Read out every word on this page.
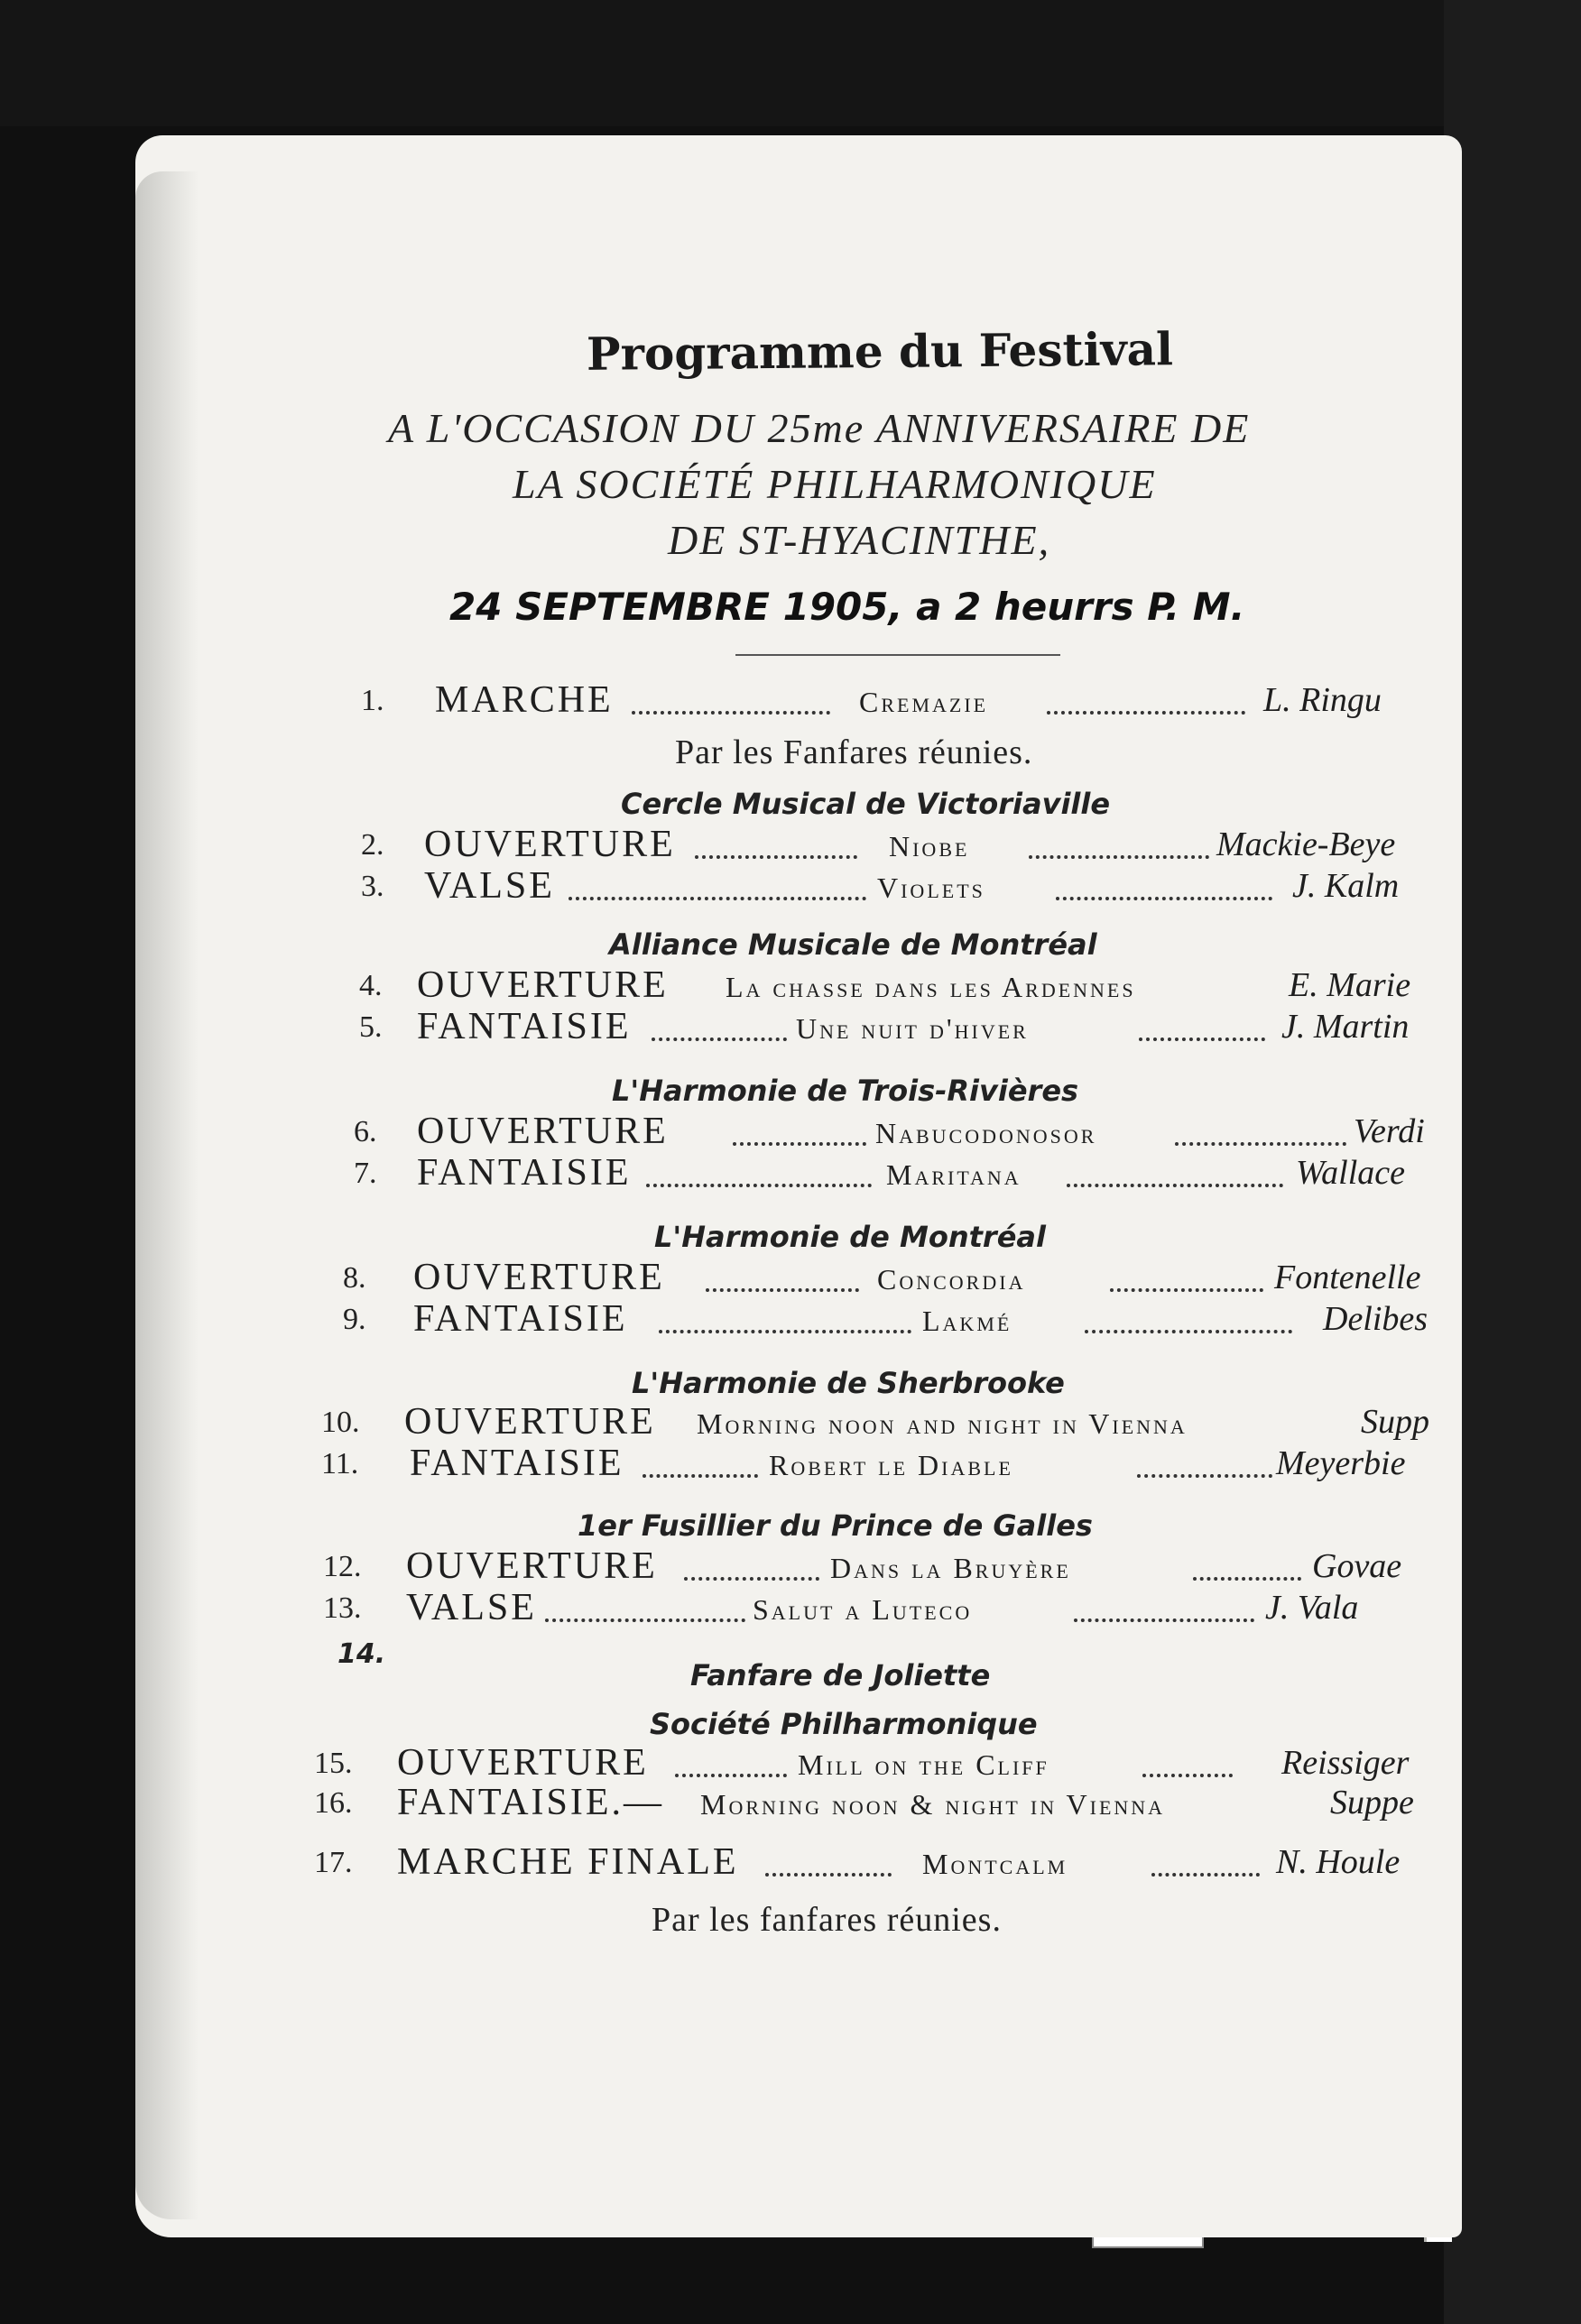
Programme du Festival
A L'OCCASION DU 25me ANNIVERSAIRE DE
LA SOCIÉTÉ PHILHARMONIQUE
DE ST-HYACINTHE,
24 SEPTEMBRE 1905, a 2 heurrs P. M.
1. MARCHE	Cremazie	L. Ringu
Par les Fanfares réunies.
Cercle Musical de Victoriaville
2. OUVERTURE	Niobe	Mackie-Beye
3. VALSE	Violets	J. Kalm
Alliance Musicale de Montréal
4. OUVERTURE La chasse dans les Ardennes	E. Marie
5. FANTAISIE	Une nuit d'hiver	J. Martin
L'Harmonie de Trois-Rivières
6. OUVERTURE	Nabucodonosor	Verdi
7. FANTAISIE	Maritana	Wallace
L'Harmonie de Montréal
8. OUVERTURE	Concordia	Fontenelle
9. FANTAISIE	Lakmé	Delibes
L'Harmonie de Sherbrooke
10. OUVERTURE Morning noon and night in Vienna	Supp
11. FANTAISIE	Robert le Diable	Meyerbie
1er Fusillier du Prince de Galles
12. OUVERTURE	Dans la Bruyère	Govae
13. VALSE	Salut a Luteco	J. Vala
14.
Fanfare de Joliette
Société Philharmonique
15. OUVERTURE	Mill on the Cliff	Reissiger
16. FANTAISIE.— Morning noon & night in Vienna	Suppe
17. MARCHE FINALE	Montcalm	N. Houle
Par les fanfares réunies.
